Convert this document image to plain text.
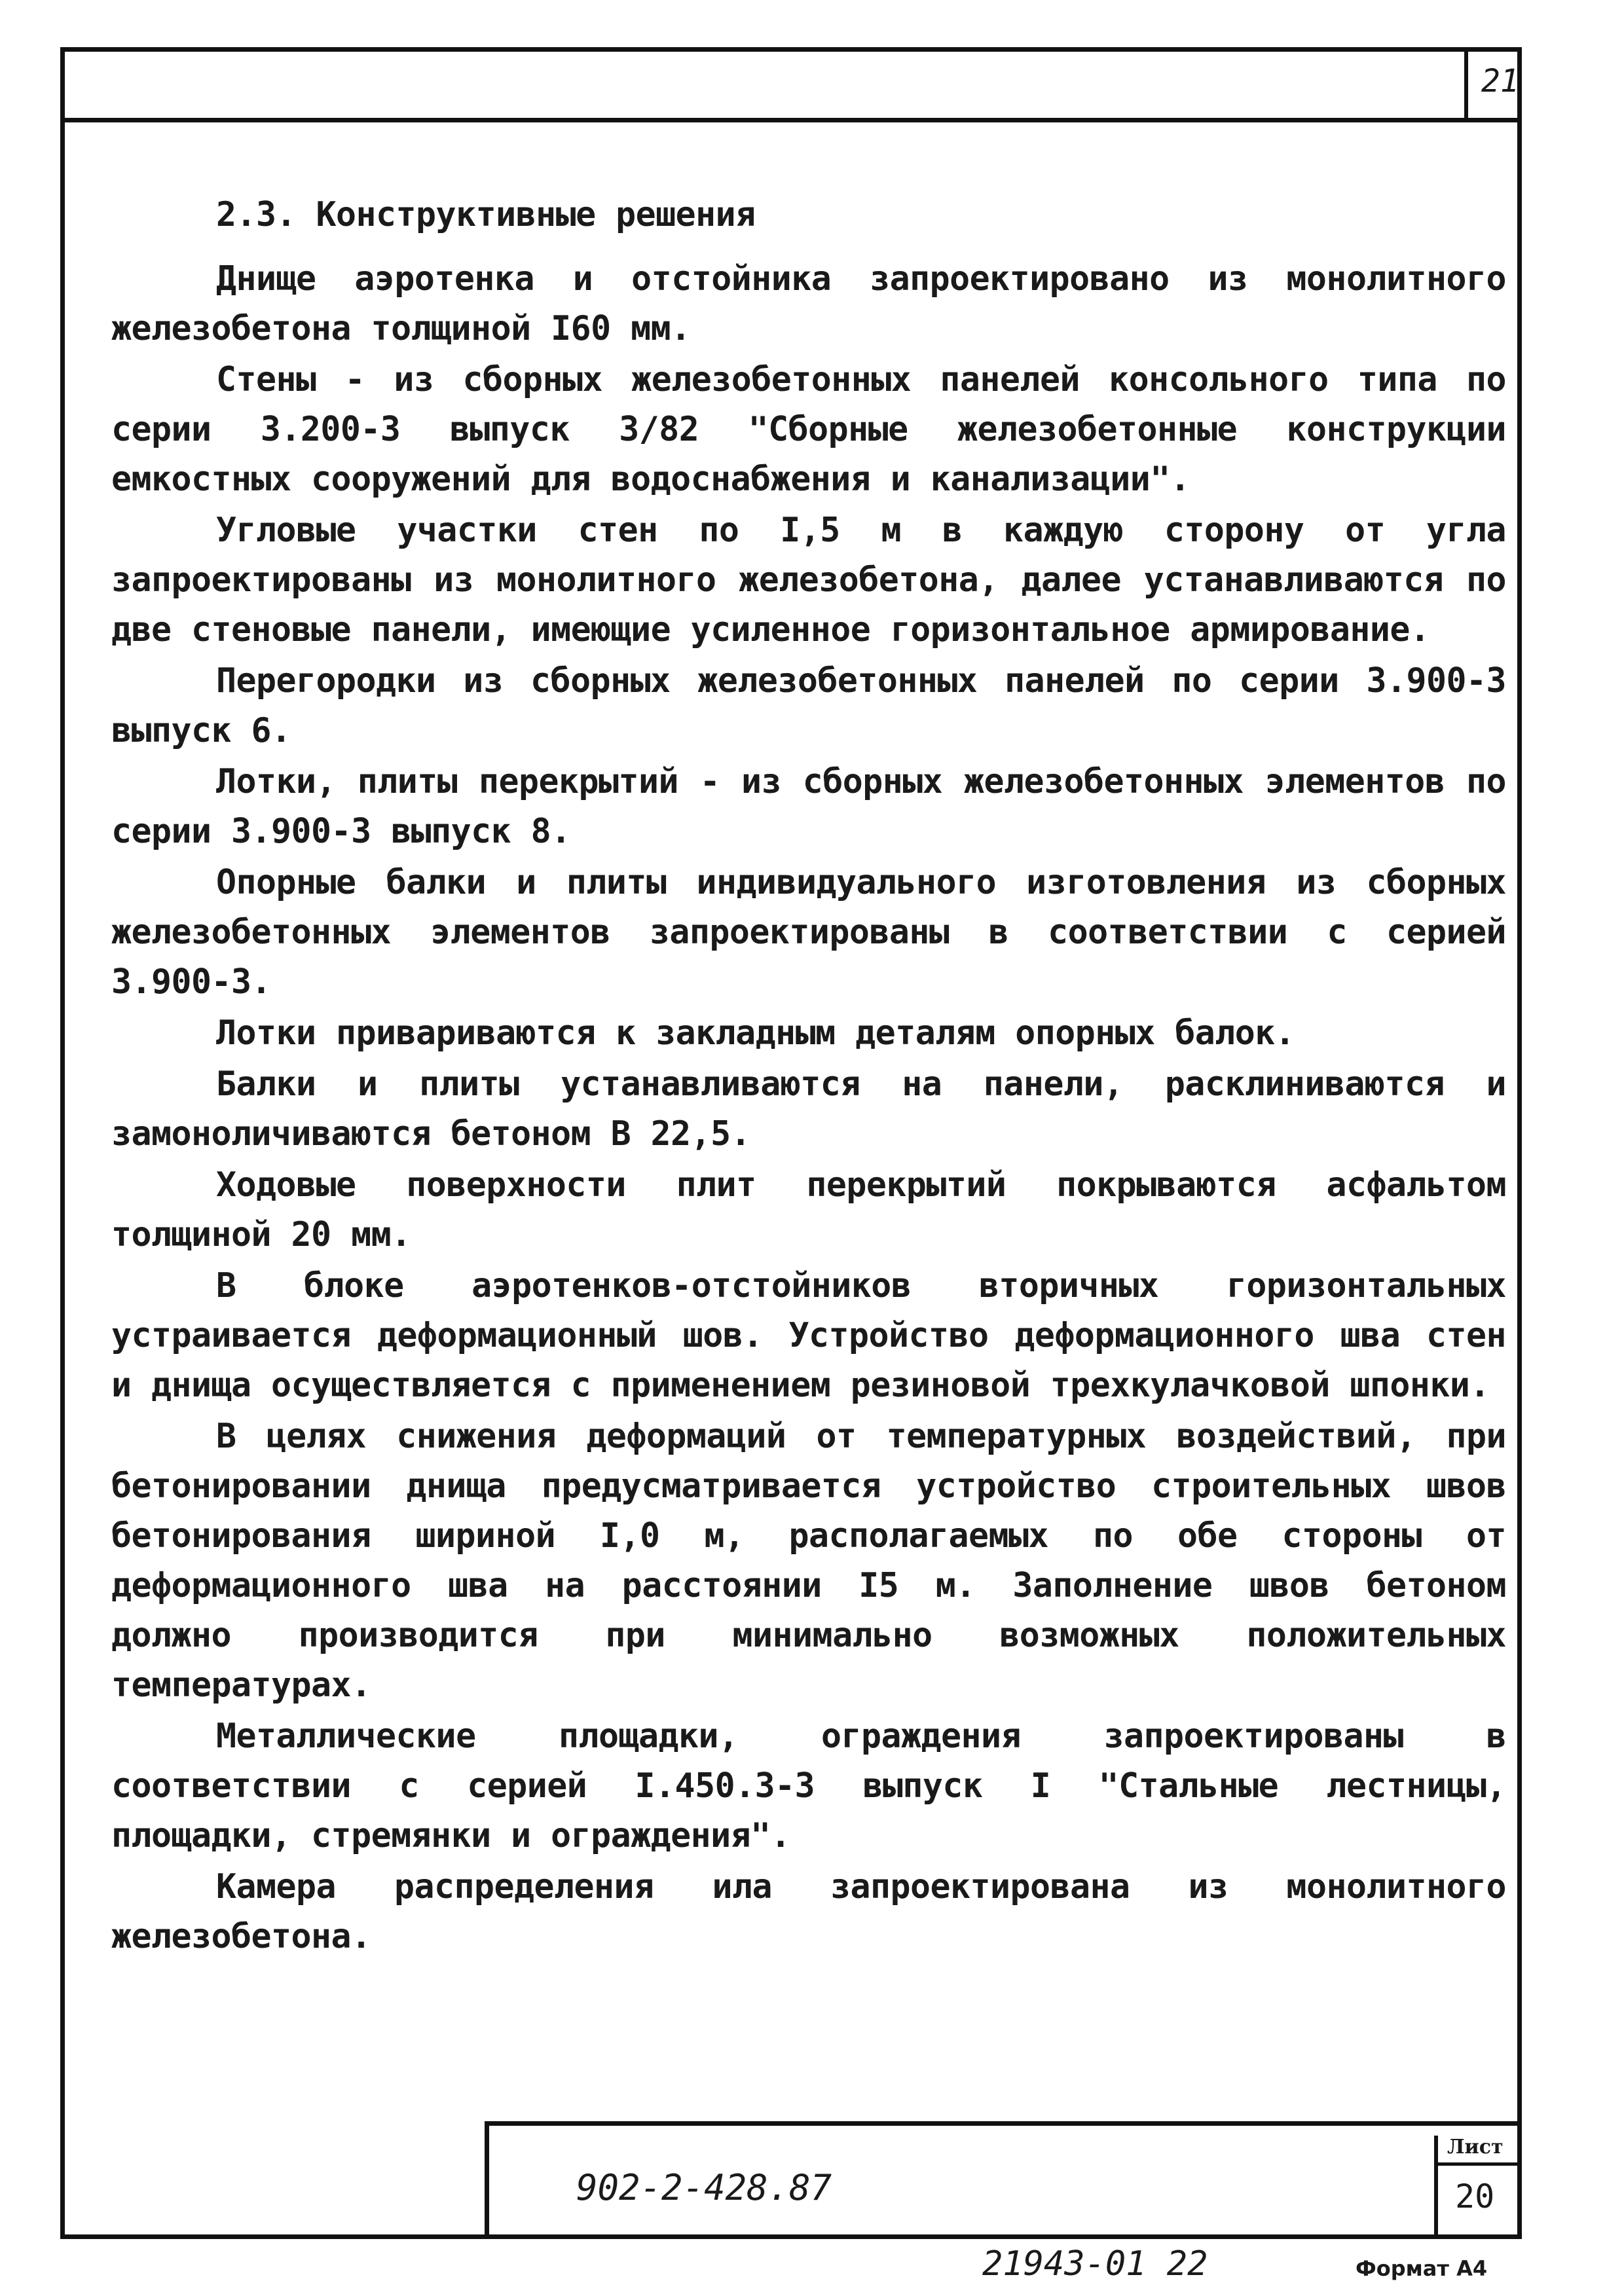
21
2.3. Конструктивные решения

Днище аэротенка и отстойника запроектировано из монолитного железобетона толщиной I60 мм.

Стены - из сборных железобетонных панелей консольного типа по серии 3.200-3 выпуск 3/82 "Сборные железобетонные конструкции емкостных сооружений для водоснабжения и канализации".

Угловые участки стен по I,5 м в каждую сторону от угла запроектированы из монолитного железобетона, далее устанавливаются по две стеновые панели, имеющие усиленное горизонтальное армирование.

Перегородки из сборных железобетонных панелей по серии 3.900-3 выпуск 6.

Лотки, плиты перекрытий - из сборных железобетонных элементов по серии 3.900-3 выпуск 8.

Опорные балки и плиты индивидуального изготовления из сборных железобетонных элементов запроектированы в соответствии с серией 3.900-3.

Лотки привариваются к закладным деталям опорных балок.

Балки и плиты устанавливаются на панели, расклиниваются и замоноличиваются бетоном В 22,5.

Ходовые поверхности плит перекрытий покрываются асфальтом толщиной 20 мм.

В блоке аэротенков-отстойников вторичных горизонтальных устраивается деформационный шов. Устройство деформационного шва стен и днища осуществляется с применением резиновой трехкулачковой шпонки.

В целях снижения деформаций от температурных воздействий, при бетонировании днища предусматривается устройство строительных швов бетонирования шириной I,0 м, располагаемых по обе стороны от деформационного шва на расстоянии I5 м. Заполнение швов бетоном должно производится при минимально возможных положительных температурах.

Металлические площадки, ограждения запроектированы в соответствии с серией I.450.3-3 выпуск I "Стальные лестницы, площадки, стремянки и ограждения".

Камера распределения ила запроектирована из монолитного железобетона.

902-2-428.87
Лист
20
21943-01 22	Формат А4
